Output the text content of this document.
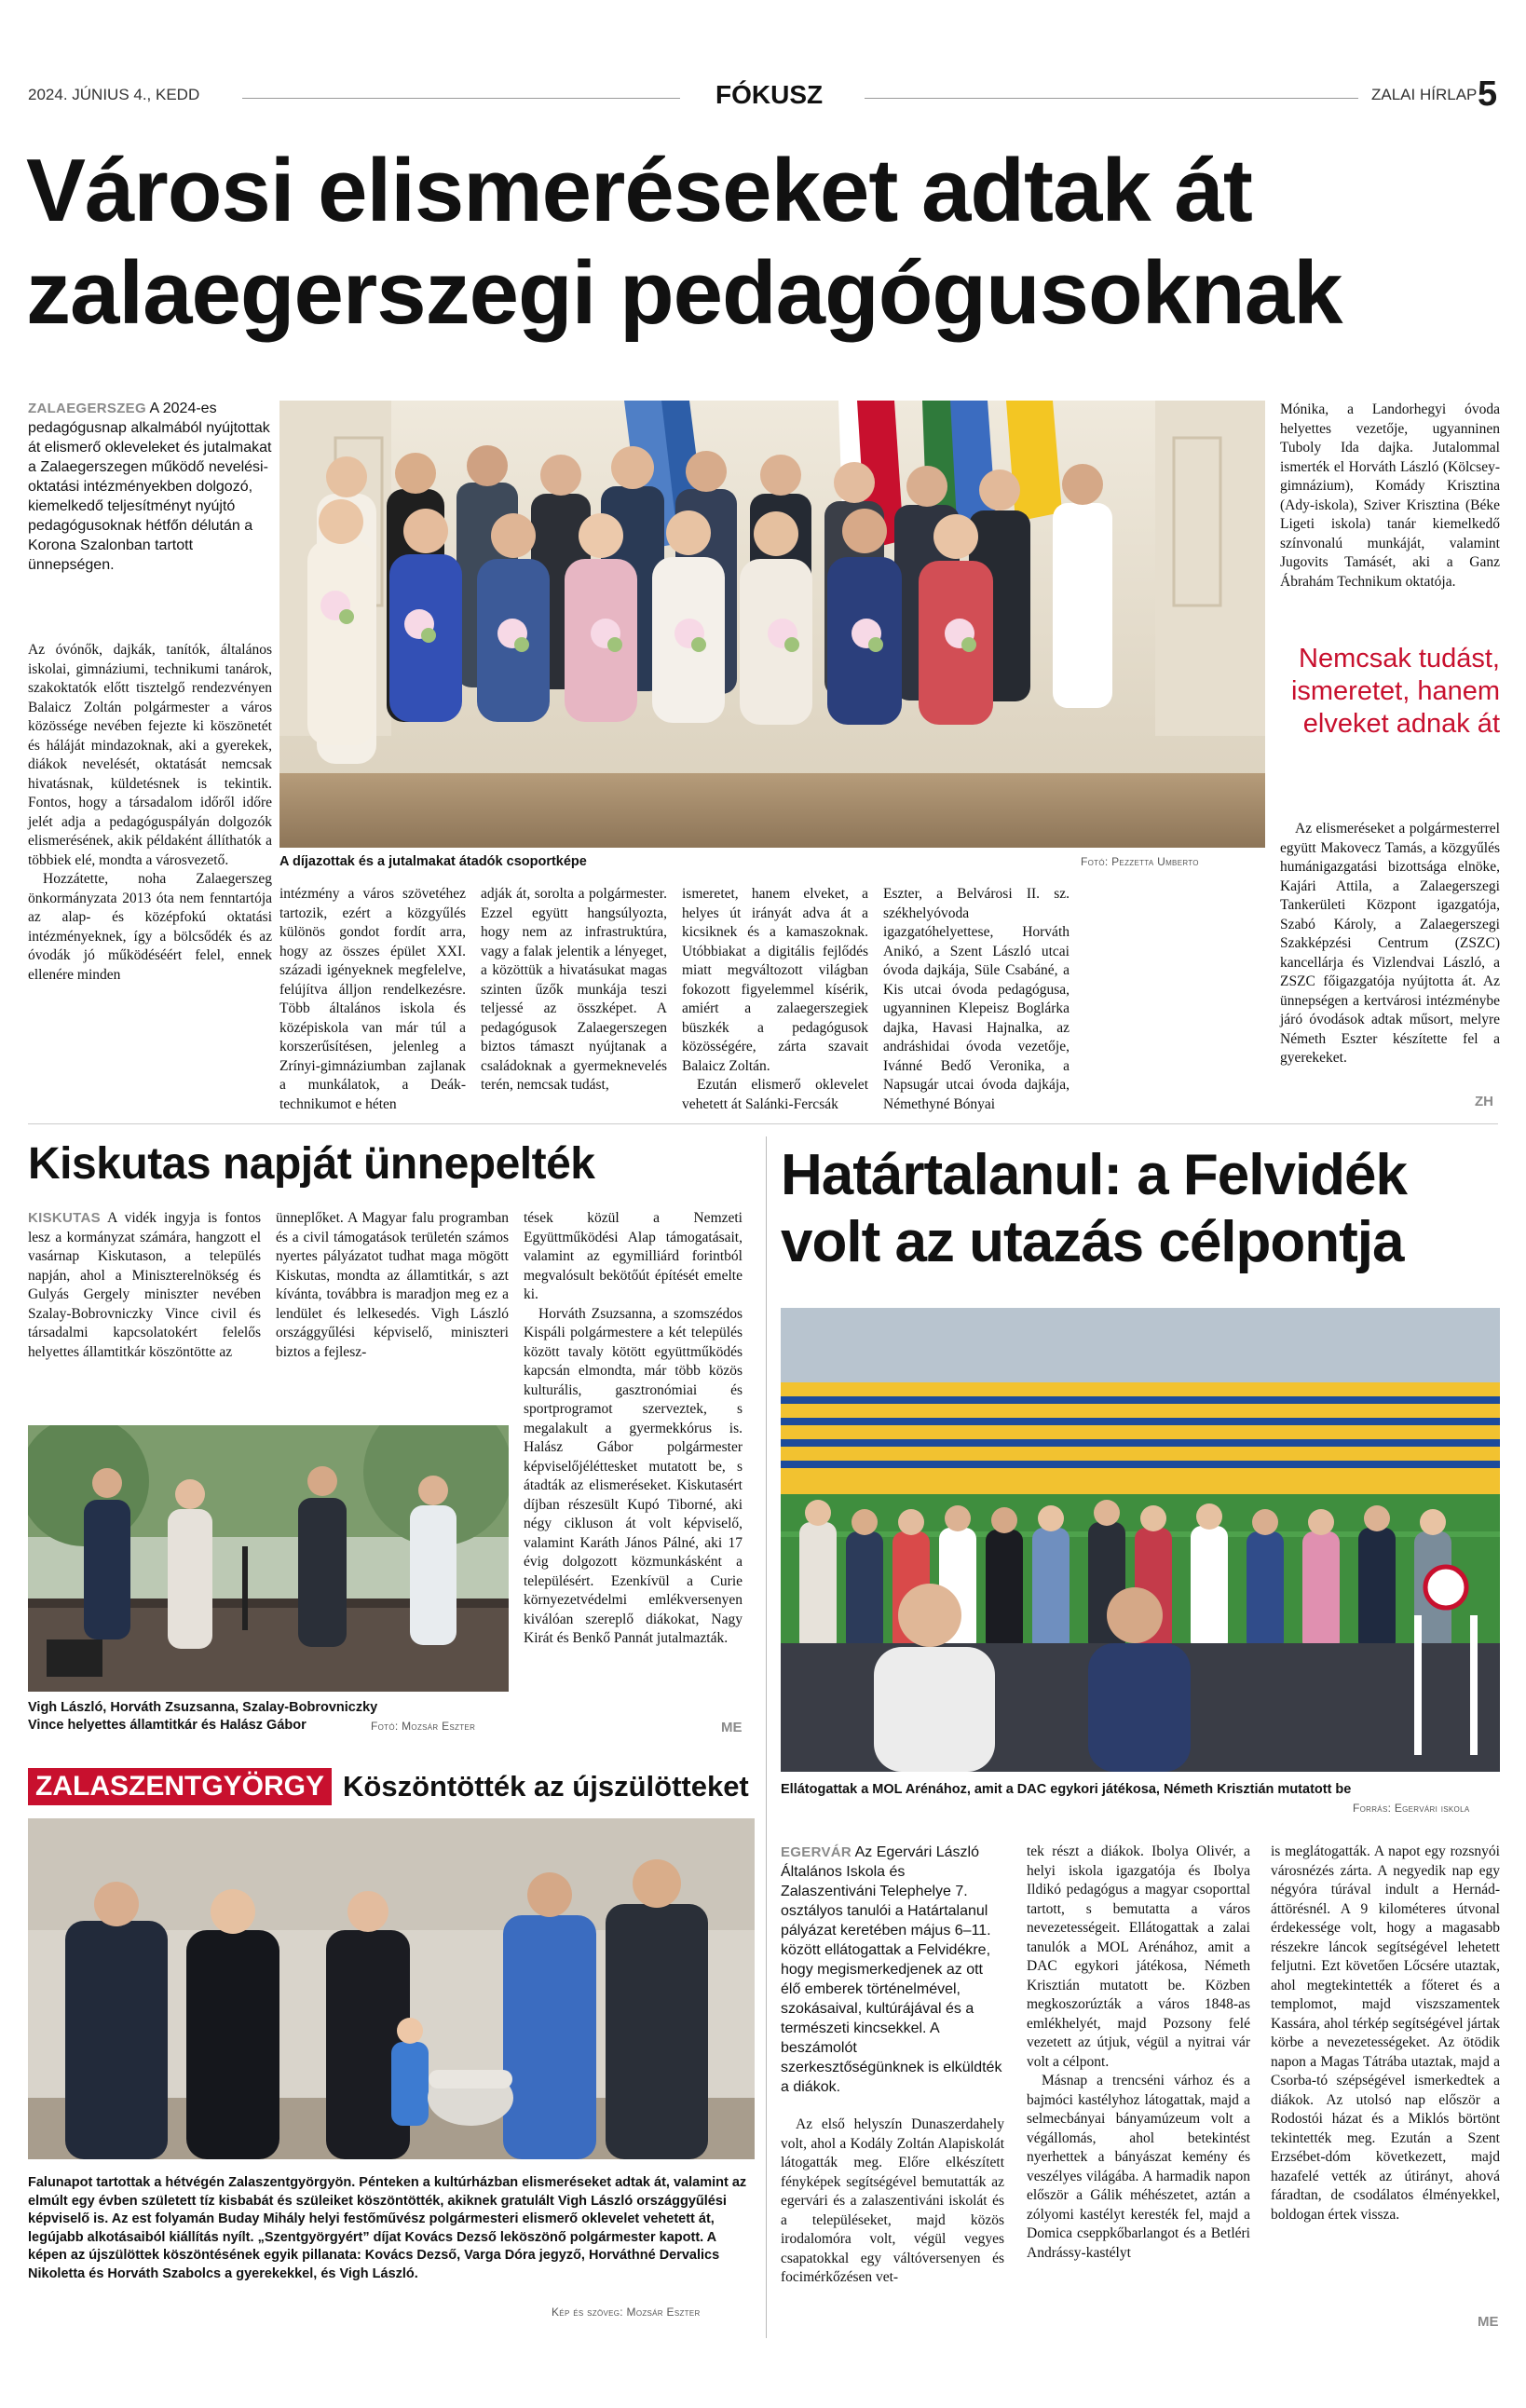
2024. JÚNIUS 4., KEDD	FÓKUSZ	ZALAI HÍRLAP 5
Városi elismeréseket adtak át
zalaegerszegi pedagógusoknak
ZALAEGERSZEG A 2024-es pedagógusnap alkalmából nyújtottak át elismerő okleveleket és jutalmakat a Zalaegerszegen működő nevelési-oktatási intézményekben dolgozó, kiemelkedő teljesítményt nyújtó pedagógusoknak hétfőn délután a Korona Szalonban tartott ünnepségen.

Az óvónők, dajkák, tanítók, általános iskolai, gimnáziumi, technikumi tanárok, szakoktatók előtt tisztelgő rendezvényen Balaicz Zoltán polgármester a város közössége nevében fejezte ki köszönetét és háláját mindazoknak, aki a gyerekek, diákok nevelését, oktatását nemcsak hivatásnak, küldetésnek is tekintik. Fontos, hogy a társadalom időről időre jelét adja a pedagóguspályán dolgozók elismerésének, akik példaként állíthatók a többiek elé, mondta a városvezető.

Hozzátette, noha Zalaegerszeg önkormányzata 2013 óta nem fenntartója az alap- és középfokú oktatási intézményeknek, így a bölcsődék és az óvodák jó működéséért felel, ennek ellenére minden

A díjazottak és a jutalmakat átadók csoportképe	Fotó: Pezzetta Umberto

intézmény a város szövetéhez tartozik, ezért a közgyűlés különös gondot fordít arra, hogy az összes épület XXI. századi igényeknek megfelelve, felújítva álljon rendelkezésre. Több általános iskola és középiskola van már túl a korszerűsítésen, jelenleg a Zrínyi-gimnáziumban zajlanak a munkálatok, a Deák-technikumot e héten

adják át, sorolta a polgármester. Ezzel együtt hangsúlyozta, hogy nem az infrastruktúra, vagy a falak jelentik a lényeget, a közöttük a hivatásukat magas szinten űzők munkája teszi teljessé az összképet. A pedagógusok Zalaegerszegen biztos támaszt nyújtanak a családoknak a gyermeknevelés terén, nemcsak tudást,

ismeretet, hanem elveket, a helyes út irányát adva át a kicsiknek és a kamaszoknak. Utóbbiakat a digitális fejlődés miatt megváltozott világban fokozott figyelemmel kísérik, amiért a zalaegerszegiek büszkék a pedagógusok közösségére, zárta szavait Balaicz Zoltán.

Ezután elismerő oklevelet vehetett át Salánki-Fercsák

Eszter, a Belvárosi II. sz. székhelyóvoda igazgatóhelyettese, Horváth Anikó, a Szent László utcai óvoda dajkája, Süle Csabáné, a Kis utcai óvoda pedagógusa, ugyanninen Klepeisz Boglárka dajka, Havasi Hajnalka, az andráshidai óvoda vezetője, Ivánné Bedő Veronika, a Napsugár utcai óvoda dajkája, Némethyné Bónyai

Mónika, a Landorhegyi óvoda helyettes vezetője, ugyanninen Tuboly Ida dajka. Jutalommal ismerték el Horváth László (Kölcsey-gimnázium), Komády Krisztina (Ady-iskola), Sziver Krisztina (Béke Ligeti iskola) tanár kiemelkedő színvonalú munkáját, valamint Jugovits Tamásét, aki a Ganz Ábrahám Technikum oktatója.

Nemcsak tudást, ismeretet, hanem elveket adnak át

Az elismeréseket a polgármesterrel együtt Makovecz Tamás, a közgyűlés humánigazgatási bizottsága elnöke, Kajári Attila, a Zalaegerszegi Tankerületi Központ igazgatója, Szabó Károly, a Zalaegerszegi Szakképzési Centrum (ZSZC) kancellárja és Vizlendvai László, a ZSZC főigazgatója nyújtotta át. Az ünnepségen a kertvárosi intézménybe járó óvodások adtak műsort, melyre Németh Eszter készítette fel a gyerekeket.

ZH
Kiskutas napját ünnepelték

KISKUTAS A vidék ingyja is fontos lesz a kormányzat számára, hangzott el vasárnap Kiskutason, a település napján, ahol a Miniszterelnökség és Gulyás Gergely miniszter nevében Szalay-Bobrovniczky Vince civil és társadalmi kapcsolatokért felelős helyettes államtitkár köszöntötte az

ünneplőket. A Magyar falu programban és a civil támogatások területén számos nyertes pályázatot tudhat maga mögött Kiskutas, mondta az államtitkár, s azt kívánta, továbbra is maradjon meg ez a lendület és lelkesedés. Vigh László országgyűlési képviselő, miniszteri biztos a fejlesz-

tések közül a Nemzeti Együttműködési Alap támogatásait, valamint az egymilliárd forintból megvalósult bekötőút építését emelte ki.

Horváth Zsuzsanna, a szomszédos Kispáli polgármestere a két település között tavaly kötött együttműködés kapcsán elmondta, már több közös kulturális, gasztronómiai és sportprogramot szerveztek, s megalakult a gyermekkórus is. Halász Gábor polgármester képviselőjéléttesket mutatott be, s átadták az elismeréseket. Kiskutasért díjban részesült Kupó Tiborné, aki négy cikluson át volt képviselő, valamint Karáth János Pálné, aki 17 évig dolgozott közmunkásként a településért. Ezenkívül a Curie környezetvédelmi emlékversenyen kiválóan szereplő diákokat, Nagy Kirát és Benkő Pannát jutalmazták.

ME
Vigh László, Horváth Zsuzsanna, Szalay-Bobrovniczky Vince helyettes államtitkár és Halász Gábor	Fotó: Mozsár Eszter
ZALASZENTGYÖRGY Köszöntötték az újszülötteket
Falunapot tartottak a hétvégén Zalaszentgyörgyön. Pénteken a kultúrházban elismeréseket adtak át, valamint az elmúlt egy évben született tíz kisbabát és szüleiket köszöntötték, akiknek gratulált Vigh László országgyűlési képviselő is. Az est folyamán Buday Mihály helyi festőművész polgármesteri elismerő oklevelet vehetett át, legújabb alkotásaiból kiállítás nyílt. „Szentgyörgyért” díjat Kovács Dezső leköszönő polgármester kapott. A képen az újszülöttek köszöntésének egyik pillanata: Kovács Dezső, Varga Dóra jegyző, Horváthné Dervalics Nikoletta és Horváth Szabolcs a gyerekekkel, és Vigh László.
Kép és szöveg: Mozsár Eszter
Határtalanul: a Felvidék
volt az utazás célpontja
Ellátogattak a MOL Arénához, amit a DAC egykori játékosa, Németh Krisztián mutatott be
Forrás: Egervári iskola
EGERVÁR Az Egervári László Általános Iskola és Zalaszentiváni Telephelye 7. osztályos tanulói a Határtalanul pályázat keretében május 6–11. között ellátogattak a Felvidékre, hogy megismerkedjenek az ott élő emberek történelmével, szokásaival, kultúrájával és a természeti kincsekkel. A beszámolót szerkesztőségünknek is elküldték a diákok.

Az első helyszín Dunaszerdahely volt, ahol a Kodály Zoltán Alapiskolát látogatták meg. Előre elkészített fényképek segítségével bemutatták az egervári és a zalaszentiváni iskolát és a településeket, majd közös irodalomóra volt, végül vegyes csapatokkal egy váltóversenyen és focimérkőzésen vet-

tek részt a diákok. Ibolya Olivér, a helyi iskola igazgatója és Ibolya Ildikó pedagógus a magyar csoporttal tartott, s bemutatta a város nevezetességeit. Ellátogattak a zalai tanulók a MOL Arénához, amit a DAC egykori játékosa, Németh Krisztián mutatott be. Közben megkoszorúzták a város 1848-as emlékhelyét, majd Pozsony felé vezetett az útjuk, végül a nyitrai vár volt a célpont.

Másnap a trencséni várhoz és a bajmóci kastélyhoz látogattak, majd a selmecbányai bányamúzeum volt a végállomás, ahol betekintést nyerhettek a bányászat kemény és veszélyes világába. A harmadik napon először a Gálik méhészetet, aztán a zólyomi kastélyt keresték fel, majd a Domica cseppkőbarlangot és a Betléri Andrássy-kastélyt

is meglátogatták. A napot egy rozsnyói városnézés zárta. A negyedik nap egy négyóra túrával indult a Hernád-áttörésnél. A 9 kilométeres útvonal érdekessége volt, hogy a magasabb részekre láncok segítségével lehetett feljutni. Ezt követően Lőcsére utaztak, ahol megtekintették a főteret és a templomot, majd viszszamentek Kassára, ahol térkép segítségével jártak körbe a nevezetességeket. Az ötödik napon a Magas Tátrába utaztak, majd a Csorba-tó szépségével ismerkedtek a diákok. Az utolsó nap először a Rodostói házat és a Miklós börtönt tekintették meg. Ezután a Szent Erzsébet-dóm következett, majd hazafelé vették az útirányt, ahová fáradtan, de csodálatos élményekkel, boldogan értek vissza.

ME
